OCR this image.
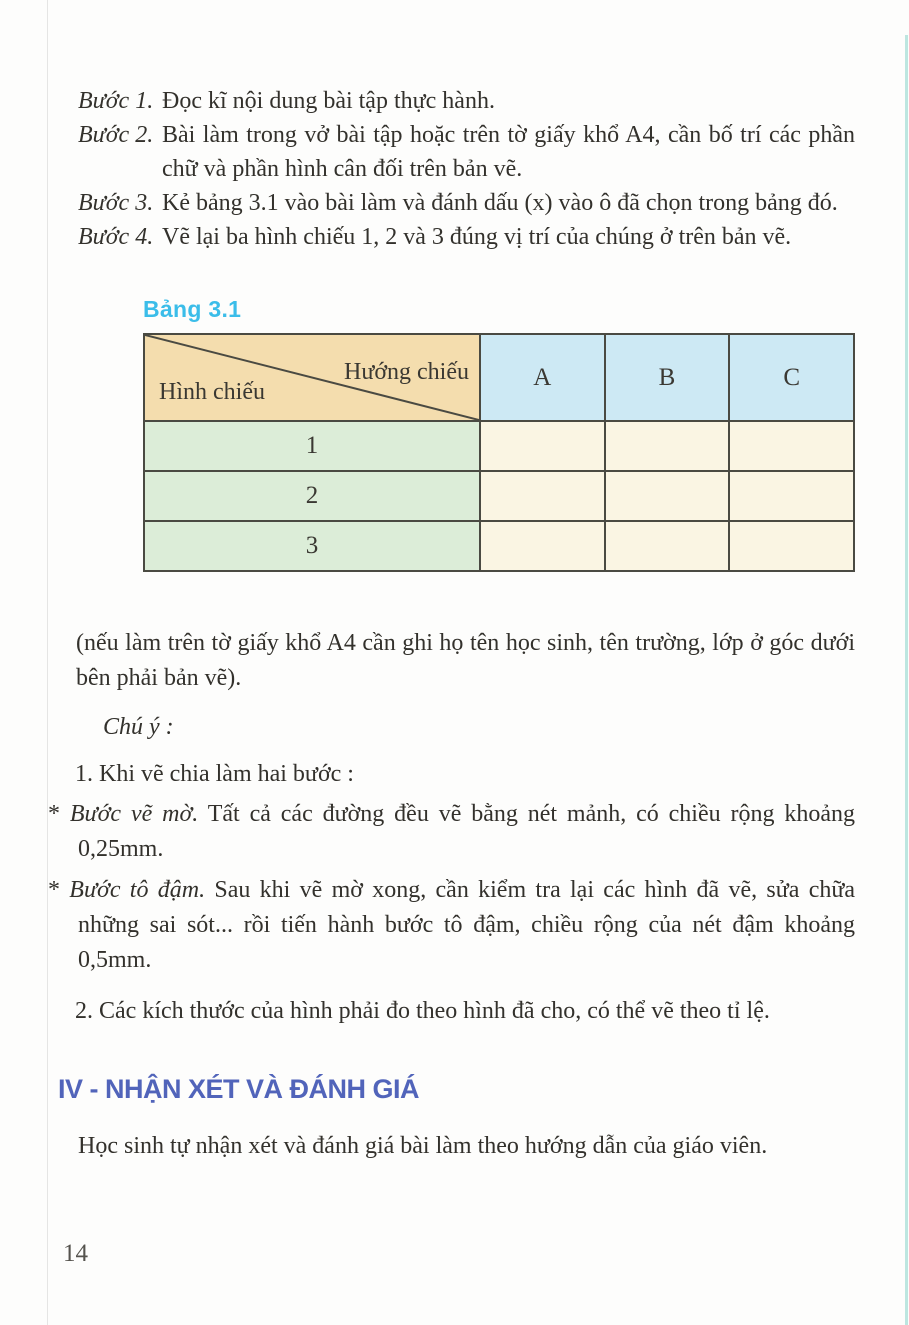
Bước 1. Đọc kĩ nội dung bài tập thực hành.
Bước 2. Bài làm trong vở bài tập hoặc trên tờ giấy khổ A4, cần bố trí các phần chữ và phần hình cân đối trên bản vẽ.
Bước 3. Kẻ bảng 3.1 vào bài làm và đánh dấu (x) vào ô đã chọn trong bảng đó.
Bước 4. Vẽ lại ba hình chiếu 1, 2 và 3 đúng vị trí của chúng ở trên bản vẽ.
Bảng 3.1
Hướng chiếu
Hình chiếu	A	B	C
1			
2			
3			

(nếu làm trên tờ giấy khổ A4 cần ghi họ tên học sinh, tên trường, lớp ở góc dưới bên phải bản vẽ).

Chú ý :

1. Khi vẽ chia làm hai bước :

* Bước vẽ mờ. Tất cả các đường đều vẽ bằng nét mảnh, có chiều rộng khoảng 0,25mm.

* Bước tô đậm. Sau khi vẽ mờ xong, cần kiểm tra lại các hình đã vẽ, sửa chữa những sai sót... rồi tiến hành bước tô đậm, chiều rộng của nét đậm khoảng 0,5mm.

2. Các kích thước của hình phải đo theo hình đã cho, có thể vẽ theo tỉ lệ.

IV - NHẬN XÉT VÀ ĐÁNH GIÁ

Học sinh tự nhận xét và đánh giá bài làm theo hướng dẫn của giáo viên.

14
